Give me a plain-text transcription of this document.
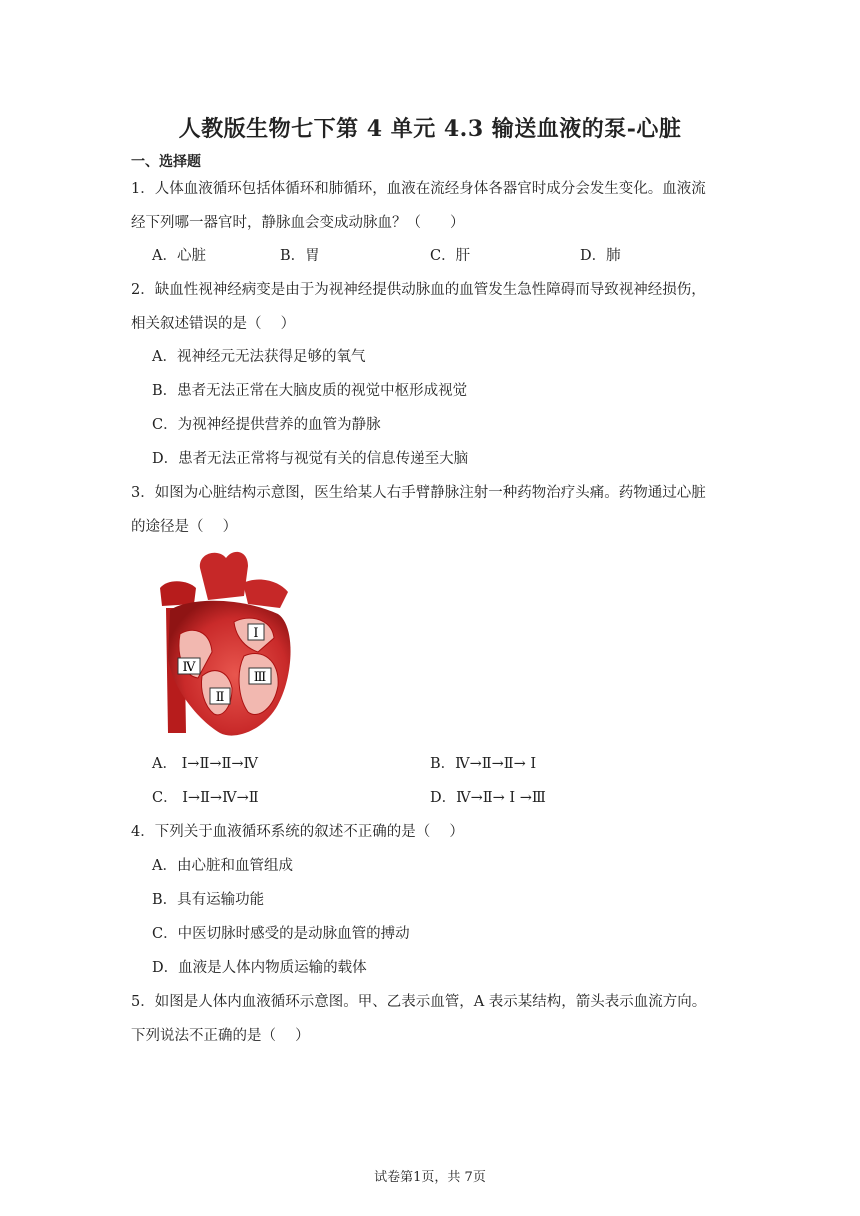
人教版生物七下第 4 单元 4.3 输送血液的泵-心脏
一、选择题
1．人体血液循环包括体循环和肺循环，血液在流经身体各器官时成分会发生变化。血液流
经下列哪一器官时，静脉血会变成动脉血？（　　）
A．心脏	B．胃	C．肝	D．肺
2．缺血性视神经病变是由于为视神经提供动脉血的血管发生急性障碍而导致视神经损伤，
相关叙述错误的是（　 ）
A．视神经元无法获得足够的氧气
B．患者无法正常在大脑皮质的视觉中枢形成视觉
C．为视神经提供营养的血管为静脉
D．患者无法正常将与视觉有关的信息传递至大脑
3．如图为心脏结构示意图，医生给某人右手臂静脉注射一种药物治疗头痛。药物通过心脏
的途径是（　 ）
Ⅰ
Ⅱ
Ⅲ
Ⅳ
A． Ⅰ→Ⅱ→Ⅱ→Ⅳ	B．Ⅳ→Ⅱ→Ⅱ→ Ⅰ
C． Ⅰ→Ⅱ→Ⅳ→Ⅱ	D．Ⅳ→Ⅱ→ Ⅰ →Ⅲ
4．下列关于血液循环系统的叙述不正确的是（　 ）
A．由心脏和血管组成
B．具有运输功能
C．中医切脉时感受的是动脉血管的搏动
D．血液是人体内物质运输的载体
5．如图是人体内血液循环示意图。甲、乙表示血管，A 表示某结构，箭头表示血流方向。
下列说法不正确的是（　 ）
试卷第1页，共 7页
